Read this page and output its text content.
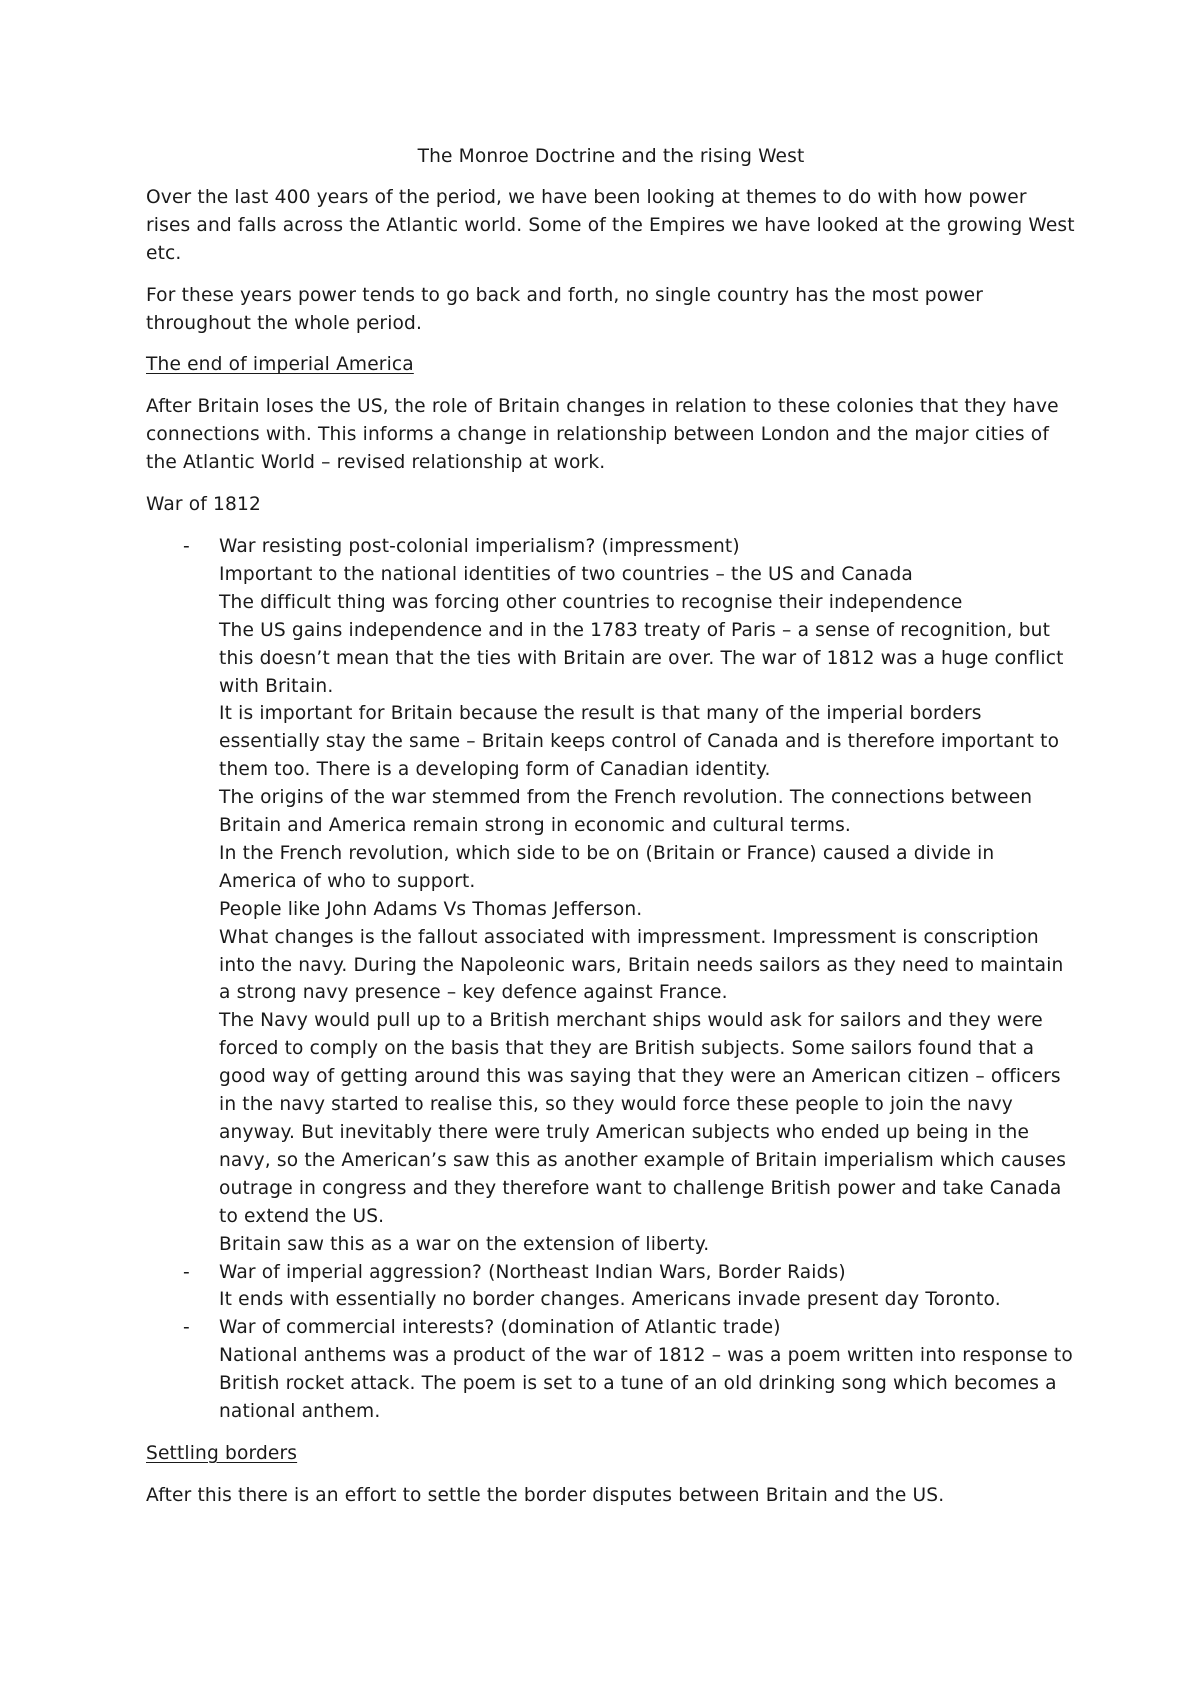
The Monroe Doctrine and the rising West

Over the last 400 years of the period, we have been looking at themes to do with how power rises and falls across the Atlantic world. Some of the Empires we have looked at the growing West etc.

For these years power tends to go back and forth, no single country has the most power throughout the whole period.

The end of imperial America

After Britain loses the US, the role of Britain changes in relation to these colonies that they have connections with. This informs a change in relationship between London and the major cities of the Atlantic World – revised relationship at work.

War of 1812

- War resisting post-colonial imperialism? (impressment)
Important to the national identities of two countries – the US and Canada
The difficult thing was forcing other countries to recognise their independence
The US gains independence and in the 1783 treaty of Paris – a sense of recognition, but this doesn’t mean that the ties with Britain are over. The war of 1812 was a huge conflict with Britain.
It is important for Britain because the result is that many of the imperial borders essentially stay the same – Britain keeps control of Canada and is therefore important to them too. There is a developing form of Canadian identity.
The origins of the war stemmed from the French revolution. The connections between Britain and America remain strong in economic and cultural terms.
In the French revolution, which side to be on (Britain or France) caused a divide in America of who to support.
People like John Adams Vs Thomas Jefferson.
What changes is the fallout associated with impressment. Impressment is conscription into the navy. During the Napoleonic wars, Britain needs sailors as they need to maintain a strong navy presence – key defence against France.
The Navy would pull up to a British merchant ships would ask for sailors and they were forced to comply on the basis that they are British subjects. Some sailors found that a good way of getting around this was saying that they were an American citizen – officers in the navy started to realise this, so they would force these people to join the navy anyway. But inevitably there were truly American subjects who ended up being in the navy, so the American’s saw this as another example of Britain imperialism which causes outrage in congress and they therefore want to challenge British power and take Canada to extend the US.
Britain saw this as a war on the extension of liberty.
- War of imperial aggression? (Northeast Indian Wars, Border Raids)
It ends with essentially no border changes. Americans invade present day Toronto.
- War of commercial interests? (domination of Atlantic trade)
National anthems was a product of the war of 1812 – was a poem written into response to British rocket attack. The poem is set to a tune of an old drinking song which becomes a national anthem.

Settling borders

After this there is an effort to settle the border disputes between Britain and the US.
